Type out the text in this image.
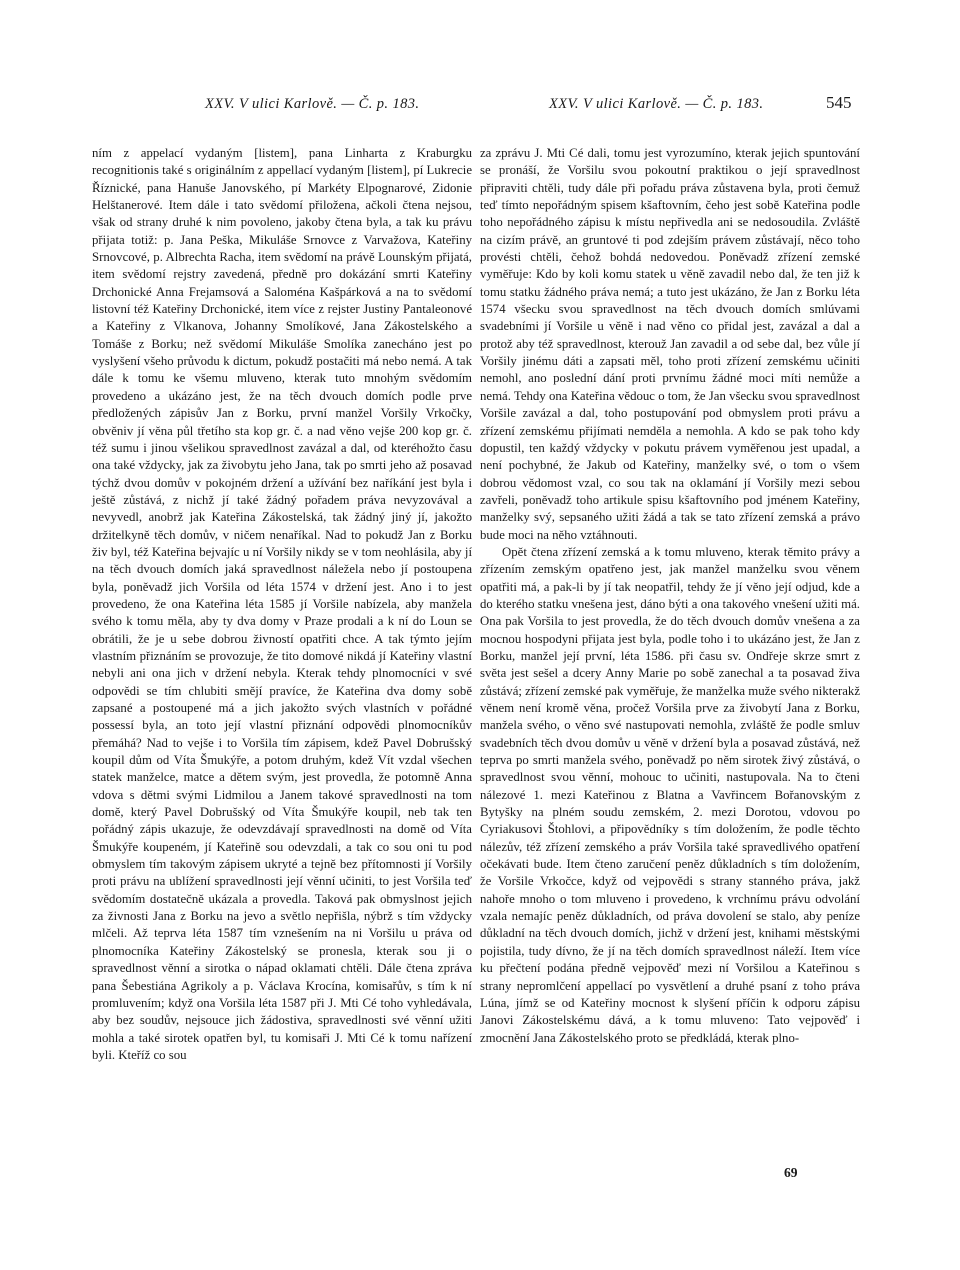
XXV. V ulici Karlově. — Č. p. 183.	XXV. V ulici Karlově. — Č. p. 183.	545

ním z appelací vydaným [listem], pana Linharta z Kraburgku recognitionis také s originálním z appellací vydaným [listem], pí Lukrecie Říznické, pana Hanuše Janovského, pí Markéty Elpognarové, Zidonie Helštanerové. Item dále i tato svědomí přiložena, ačkoli čtena nejsou, však od strany druhé k nim povoleno, jakoby čtena byla, a tak ku právu přijata totiž: p. Jana Peška, Mikuláše Srnovce z Varvažova, Kateřiny Srnovcové, p. Albrechta Racha, item svědomí na právě Lounským přijatá, item svědomí rejstry zavedená, předně pro dokázání smrti Kateřiny Drchonické Anna Frejamsová a Saloména Kašpárková a na to svědomí listovní též Kateřiny Drchonické, item více z rejster Justiny Pantaleonové a Kateřiny z Vlkanova, Johanny Smolíkové, Jana Zákostelského a Tomáše z Borku; než svědomí Mikuláše Smolíka zanecháno jest po vyslyšení všeho průvodu k dictum, pokudž postačiti má nebo nemá. A tak dále k tomu ke všemu mluveno, kterak tuto mnohým svědomím provedeno a ukázáno jest, že na těch dvouch domích podle prve předložených zápisův Jan z Borku, první manžel Voršily Vrkočky, obvěniv jí věna půl třetího sta kop gr. č. a nad věno vejše 200 kop gr. č. též sumu i jinou všelikou spravedlnost zavázal a dal, od kteréhožto času ona také vždycky, jak za živobytu jeho Jana, tak po smrti jeho až posavad týchž dvou domův v pokojném držení a užívání bez naříkání jest byla i ještě zůstává, z nichž jí také žádný pořadem práva nevyzovával a nevyvedl, anobrž jak Kateřina Zákostelská, tak žádný jiný jí, jakožto držitelkyně těch domův, v ničem nenaříkal. Nad to pokudž Jan z Borku živ byl, též Kateřina bejvajíc u ní Voršily nikdy se v tom neohlásila, aby jí na těch dvouch domích jaká spravedlnost náležela nebo jí postoupena byla, poněvadž jich Voršila od léta 1574 v držení jest. Ano i to jest provedeno, že ona Kateřina léta 1585 jí Voršile nabízela, aby manžela svého k tomu měla, aby ty dva domy v Praze prodali a k ní do Loun se obrátili, že je u sebe dobrou živností opatřiti chce. A tak týmto jejím vlastním přiznáním se provozuje, že tito domové nikdá jí Kateřiny vlastní nebyli ani ona jich v držení nebyla. Kterak tehdy plnomocníci v své odpovědi se tím chlubiti smějí pravíce, že Kateřina dva domy sobě zapsané a postoupené má a jich jakožto svých vlastních v pořádné possessí byla, an toto její vlastní přiznání odpovědi plnomocníkův přemáhá? Nad to vejše i to Voršila tím zápisem, kdež Pavel Dobrušský koupil dům od Víta Šmukýře, a potom druhým, kdež Vít vzdal všechen statek manželce, matce a dětem svým, jest provedla, že potomně Anna vdova s dětmi svými Lidmilou a Janem takové spravedlnosti na tom domě, který Pavel Dobrušský od Víta Šmukýře koupil, neb tak ten pořádný zápis ukazuje, že odevzdávají spravedlnosti na domě od Víta Šmukýře koupeném, jí Kateřině sou odevzdali, a tak co sou oni tu pod obmyslem tím takovým zápisem ukryté a tejně bez přítomnosti jí Voršily proti právu na ublížení spravedlnosti její věnní učiniti, to jest Voršila teď svědomím dostatečně ukázala a provedla. Taková pak obmyslnost jejich za živnosti Jana z Borku na jevo a světlo nepřišla, nýbrž s tím vždycky mlčeli. Až teprva léta 1587 tím vznešením na ni Voršilu u práva od plnomocníka Kateřiny Zákostelský se pronesla, kterak sou ji o spravedlnost věnní a sirotka o nápad oklamati chtěli. Dále čtena zpráva pana Šebestiána Agrikoly a p. Václava Krocína, komisařův, s tím k ní promluvením; když ona Voršila léta 1587 při J. Mti Cé toho vyhledávala, aby bez soudův, nejsouce jich žádostiva, spravedlnosti své věnní užiti mohla a také sirotek opatřen byl, tu komisaři J. Mti Cé k tomu nařízení byli. Kteříž co sou

za zprávu J. Mti Cé dali, tomu jest vyrozumíno, kterak jejich spuntování se pronáší, že Voršilu svou pokoutní praktikou o její spravedlnost připraviti chtěli, tudy dále při pořadu práva zůstavena byla, proti čemuž teď tímto nepořádným spisem kšaftovním, čeho jest sobě Kateřina podle toho nepořádného zápisu k místu nepřivedla ani se nedosoudila. Zvláště na cizím právě, an gruntové ti pod zdejším právem zůstávají, něco toho provésti chtěli, čehož bohdá nedovedou. Poněvadž zřízení zemské vyměřuje: Kdo by koli komu statek u věně zavadil nebo dal, že ten již k tomu statku žádného práva nemá; a tuto jest ukázáno, že Jan z Borku léta 1574 všecku svou spravedlnost na těch dvouch domích smlúvami svadebními jí Voršile u věně i nad věno co přidal jest, zavázal a dal a protož aby též spravedlnost, kterouž Jan zavadil a od sebe dal, bez vůle jí Voršily jinému dáti a zapsati měl, toho proti zřízení zemskému učiniti nemohl, ano poslední dání proti prvnímu žádné moci míti nemůže a nemá. Tehdy ona Kateřina vědouc o tom, že Jan všecku svou spravedlnost Voršile zavázal a dal, toho postupování pod obmyslem proti právu a zřízení zemskému přijímati nemděla a nemohla. A kdo se pak toho kdy dopustil, ten každý vždycky v pokutu právem vyměřenou jest upadal, a není pochybné, že Jakub od Kateřiny, manželky své, o tom o všem dobrou vědomost vzal, co sou tak na oklamání jí Voršily mezi sebou zavřeli, poněvadž toho artikule spisu kšaftovního pod jménem Kateřiny, manželky svý, sepsaného užiti žádá a tak se tato zřízení zemská a právo bude moci na něho vztáhnouti.

Opět čtena zřízení zemská a k tomu mluveno, kterak těmito právy a zřízením zemským opatřeno jest, jak manžel manželku svou věnem opatřiti má, a pak-li by jí tak neopatřil, tehdy že jí věno její odjud, kde a do kterého statku vnešena jest, dáno býti a ona takového vnešení užiti má. Ona pak Voršila to jest provedla, že do těch dvouch domův vnešena a za mocnou hospodyni přijata jest byla, podle toho i to ukázáno jest, že Jan z Borku, manžel její první, léta 1586. při času sv. Ondřeje skrze smrt z světa jest sešel a dcery Anny Marie po sobě zanechal a ta posavad živa zůstává; zřízení zemské pak vyměřuje, že manželka muže svého nikterakž věnem není kromě věna, pročež Voršila prve za živobytí Jana z Borku, manžela svého, o věno své nastupovati nemohla, zvláště že podle smluv svadebních těch dvou domův u věně v držení byla a posavad zůstává, než teprva po smrti manžela svého, poněvadž po něm sirotek živý zůstává, o spravedlnost svou věnní, mohouc to učiniti, nastupovala. Na to čteni nálezové 1. mezi Kateřinou z Blatna a Vavřincem Bořanovským z Bytyšky na plném soudu zemském, 2. mezi Dorotou, vdovou po Cyriakusovi Štohlovi, a připovědníky s tím doložením, že podle těchto nálezův, též zřízení zemského a práv Voršila také spravedlivého opatření očekávati bude. Item čteno zaručení peněz důkladních s tím doložením, že Voršile Vrkočce, když od vejpovědi s strany stanného práva, jakž nahoře mnoho o tom mluveno i provedeno, k vrchnímu právu odvolání vzala nemajíc peněz důkladních, od práva dovolení se stalo, aby peníze důkladní na těch dvouch domích, jichž v držení jest, knihami městskými pojistila, tudy dívno, že jí na těch domích spravedlnost náleží. Item více ku přečtení podána předně vejpověď mezi ní Voršilou a Kateřinou s strany nepromlčení appellací po vysvětlení a druhé psaní z toho práva Lúna, jímž se od Kateřiny mocnost k slyšení příčin k odporu zápisu Janovi Zákostelskému dává, a k tomu mluveno: Tato vejpověď i zmocnění Jana Zákostelského proto se předkládá, kterak plno-

69
